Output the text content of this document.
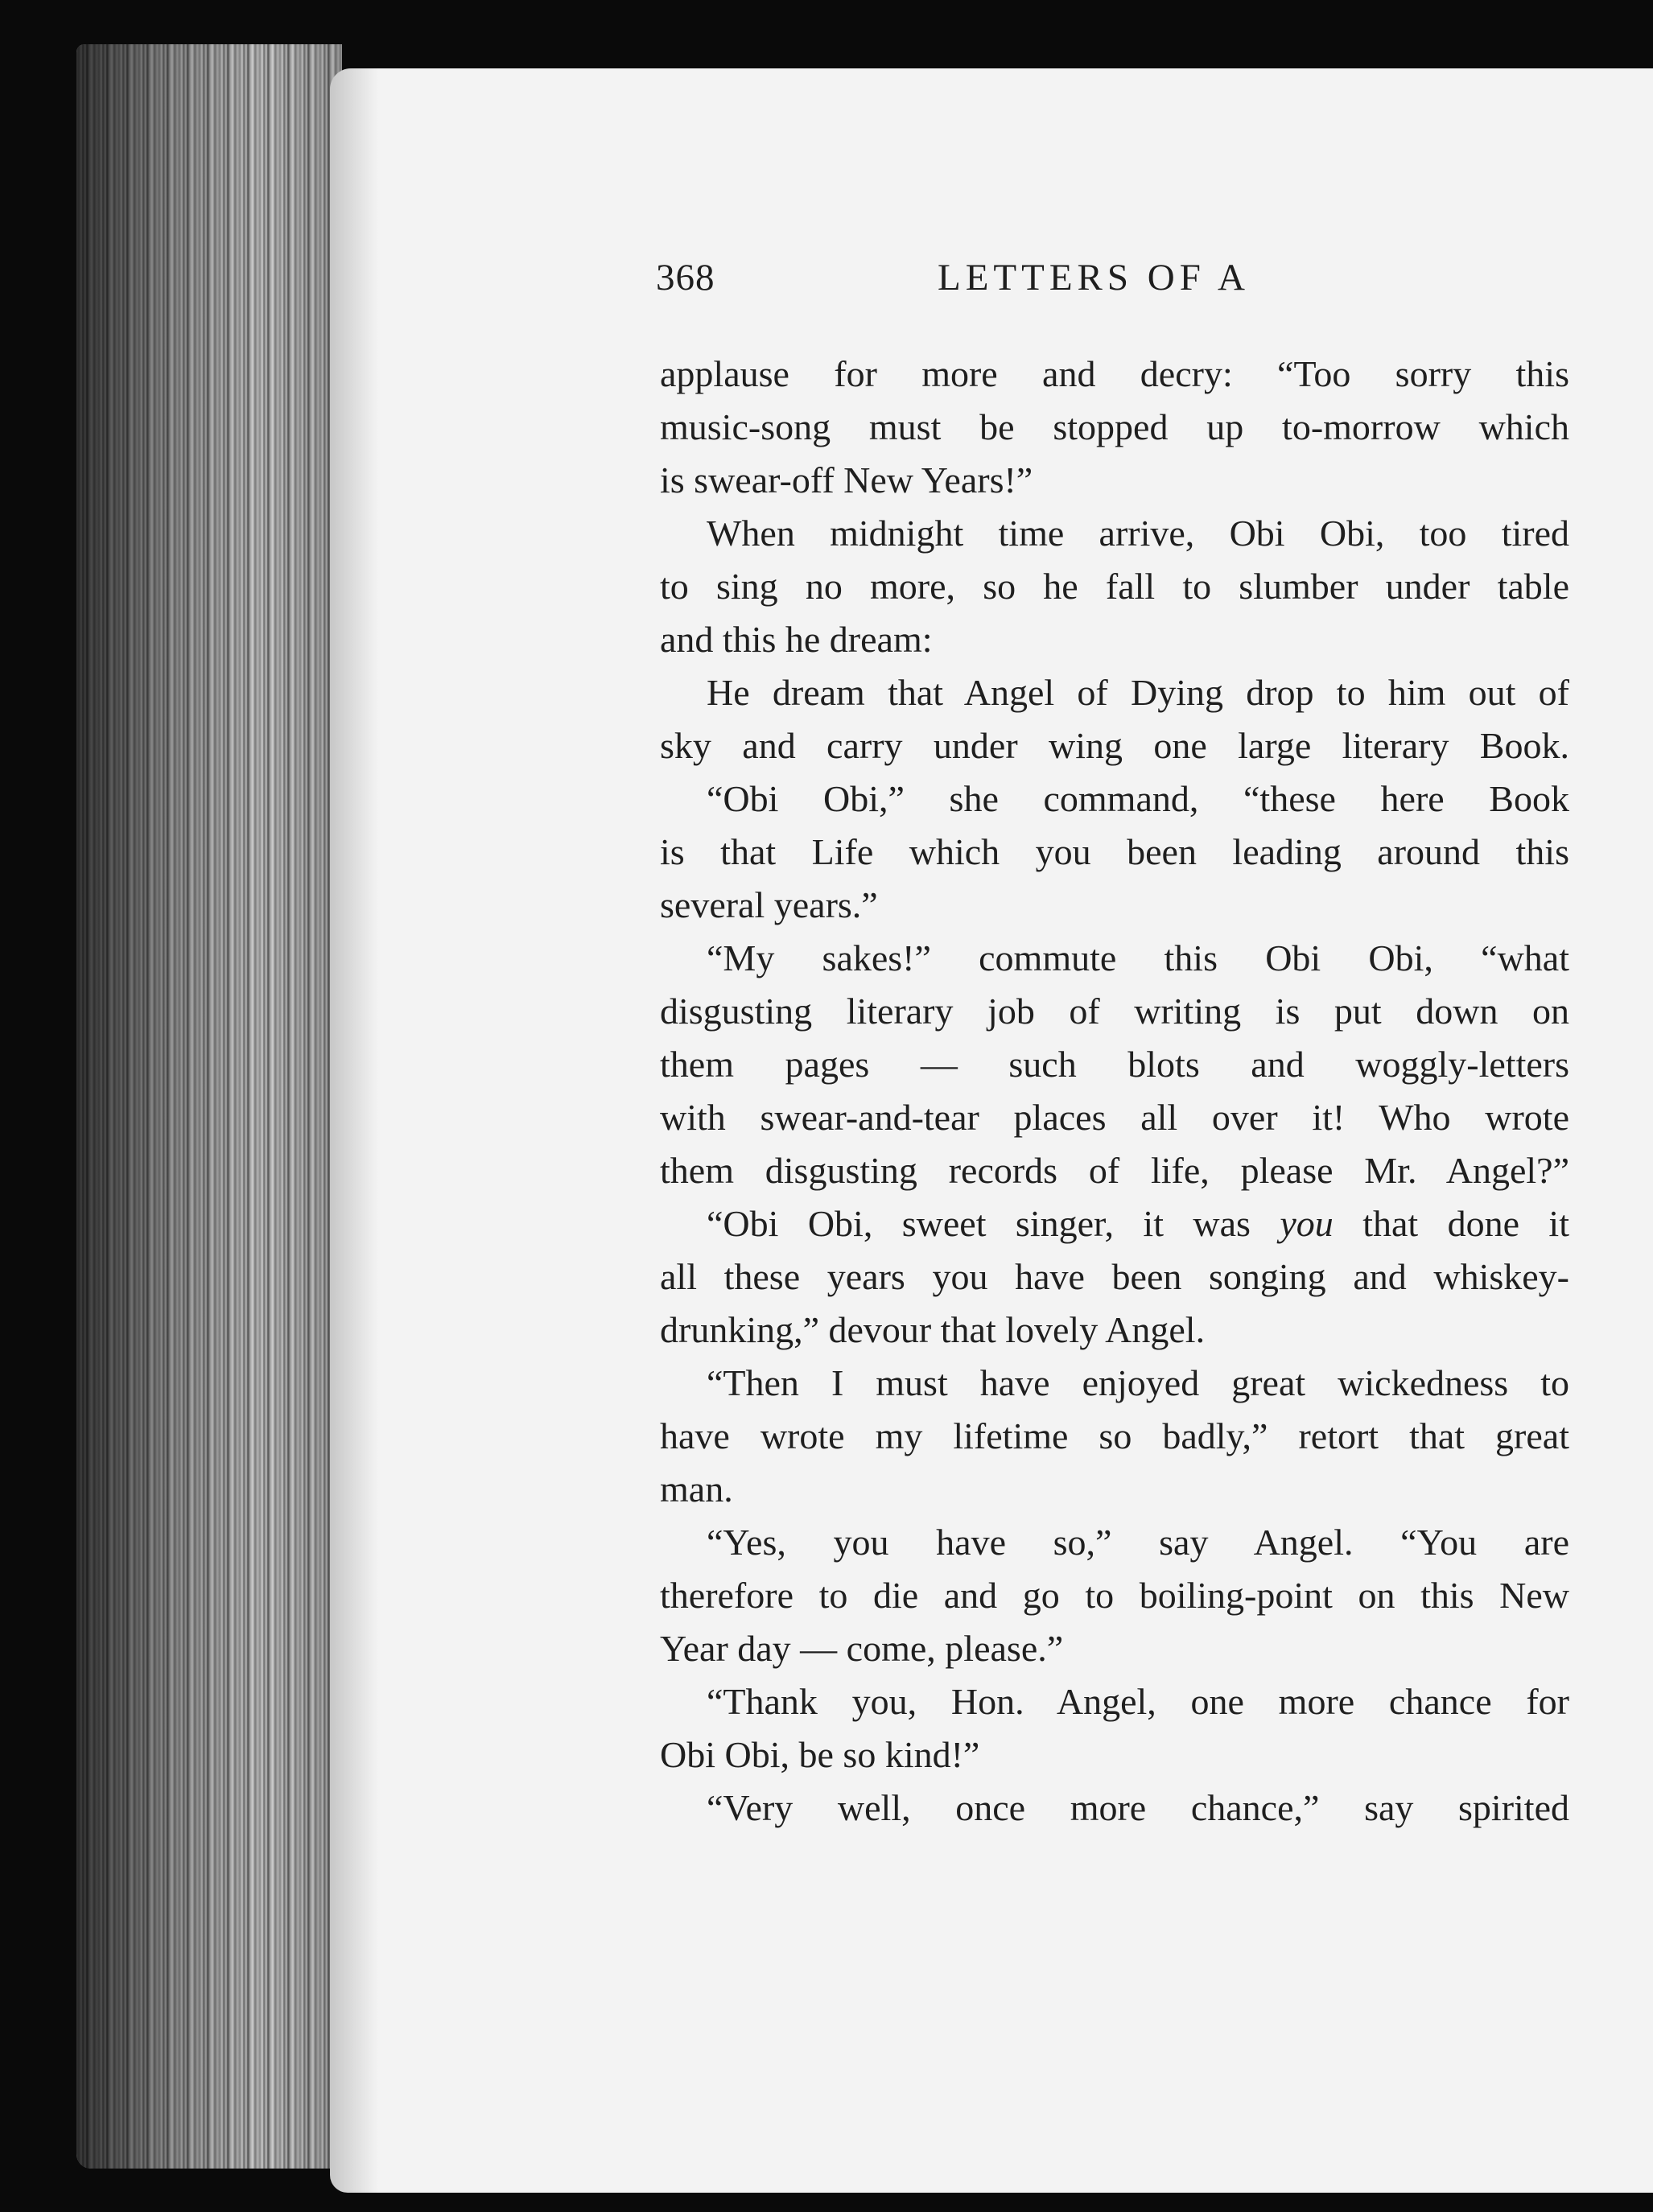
368	LETTERS OF A
applause for more and decry: “Too sorry this
music-song must be stopped up to-morrow which
is swear-off New Years!”
When midnight time arrive, Obi Obi, too tired
to sing no more, so he fall to slumber under table
and this he dream:
He dream that Angel of Dying drop to him out of
sky and carry under wing one large literary Book.
“Obi Obi,” she command, “these here Book
is that Life which you been leading around this
several years.”
“My sakes!” commute this Obi Obi, “what
disgusting literary job of writing is put down on
them pages — such blots and woggly-letters
with swear-and-tear places all over it! Who wrote
them disgusting records of life, please Mr. Angel?”
“Obi Obi, sweet singer, it was you that done it
all these years you have been songing and whiskey-
drunking,” devour that lovely Angel.
“Then I must have enjoyed great wickedness to
have wrote my lifetime so badly,” retort that great
man.
“Yes, you have so,” say Angel. “You are
therefore to die and go to boiling-point on this New
Year day — come, please.”
“Thank you, Hon. Angel, one more chance for
Obi Obi, be so kind!”
“Very well, once more chance,” say spirited
